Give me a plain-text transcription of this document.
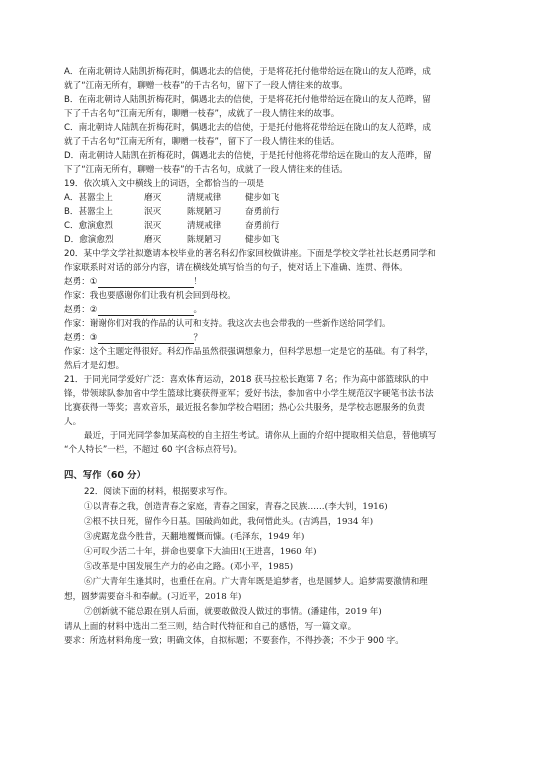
A．在南北朝诗人陆凯折梅花时，偶遇北去的信使，于是将花托付他带给远在陇山的友人范晔，成
就了“江南无所有，聊赠一枝春”的千古名句，留下了一段人情往来的故事。
B．在南北朝诗人陆凯折梅花时，偶遇北去的信使，于是将花托付他带给远在陇山的友人范晔，留
下了千古名句“江南无所有，聊赠一枝春”，成就了一段人情往来的故事。
C．南北朝诗人陆凯在折梅花时，偶遇北去的信使，于是托付他将花带给远在陇山的友人范晔，成
就了千古名句“江南无所有，聊赠一枝春”，留下了一段人情往来的佳话。
D．南北朝诗人陆凯在折梅花时，偶遇北去的信使，于是托付他将花带给远在陇山的友人范晔，留
下了“江南无所有，聊赠一枝春”的千古名句，成就了一段人情往来的佳话。
19．依次填入文中横线上的词语，全都恰当的一项是
A．甚嚣尘上	磨灭	清规戒律	健步如飞
B．甚嚣尘上	泯灭	陈规陋习	奋勇前行
C．愈演愈烈	泯灭	清规戒律	奋勇前行
D．愈演愈烈	磨灭	陈规陋习	健步如飞
20．某中学文学社拟邀请本校毕业的著名科幻作家回校做讲座。下面是学校文学社社长赵勇同学和
作家联系时对话的部分内容，请在横线处填写恰当的句子，使对话上下准确、连贯、得体。
赵勇：①	！
作家：我也要感谢你们让我有机会回到母校。
赵勇：②	。
作家：谢谢你们对我的作品的认可和支持。我这次去也会带我的一些新作送给同学们。
赵勇：③	？
作家：这个主题定得很好。科幻作品虽然很强调想象力，但科学思想一定是它的基础。有了科学，
然后才是幻想。
21．于同光同学爱好广泛：喜欢体育运动，2018 获马拉松长跑第 7 名；作为高中部篮球队的中
锋，带领球队参加省中学生篮球比赛获得亚军；爱好书法，参加省中小学生规范汉字硬笔书法书法
比赛获得一等奖；喜欢音乐，最近报名参加学校合唱团；热心公共服务，是学校志愿服务的负责
人。
最近，于同光同学参加某高校的自主招生考试。请你从上面的介绍中提取相关信息，替他填写
“个人特长”一栏，不超过 60 字(含标点符号)。
四、写作（60 分）
22．阅读下面的材料，根据要求写作。
①以青春之我，创造青春之家庭，青春之国家，青春之民族……(李大钊，1916)
②根不扶日死，留作今日基。国破尚如此，我何惜此头。(吉鸿昌，1934 年)
③虎踞龙盘今胜昔，天翻地覆慨而慷。(毛泽东，1949 年)
④可叹少活二十年，拼命也要拿下大油田!(王进喜，1960 年)
⑤改革是中国发展生产力的必由之路。(邓小平，1985)
⑥广大青年生逢其时，也重任在肩。广大青年既是追梦者，也是圆梦人。追梦需要激情和理
想，圆梦需要奋斗和奉献。(习近平，2018 年)
⑦创新就不能总跟在别人后面，就要敢做没人做过的事情。(潘建伟，2019 年)
请从上面的材料中选出二至三则，结合时代特征和自己的感悟，写一篇文章。
要求：所选材料角度一致；明确文体，自拟标题；不要套作，不得抄袭；不少于 900 字。
